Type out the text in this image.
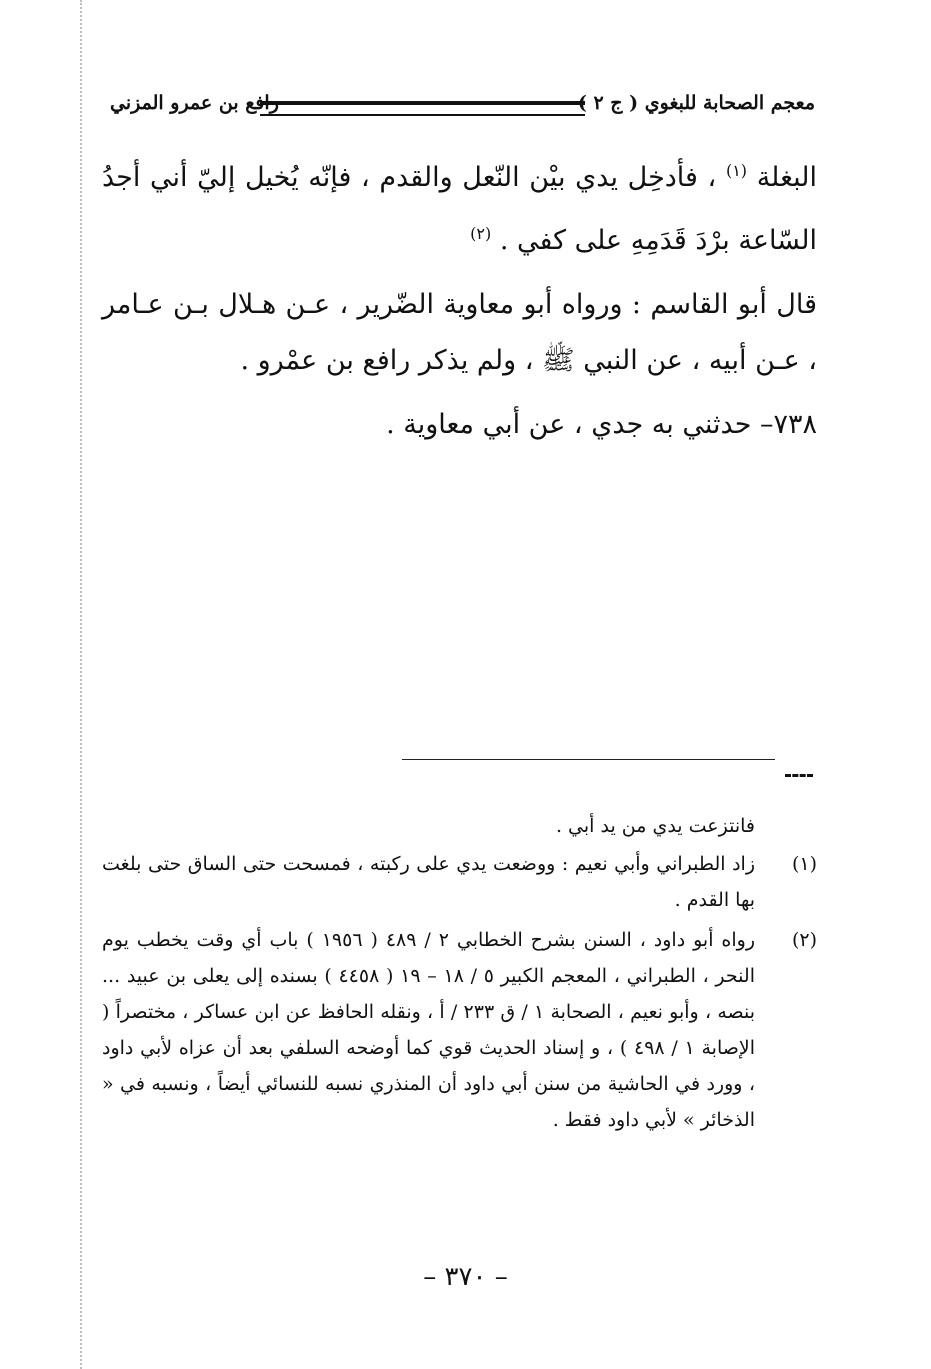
معجم الصحابة للبغوي ( ج ٢ )
رافع بن عمرو المزني

البغلة $^{(١)}$ ، فأدخِل يدي بيْن النّعل والقدم ، فإنّه يُخيل إليّ أني أجدُ السّاعة برْدَ قَدَمِهِ على كفي . $^{(٢)}$

قال أبو القاسم : ورواه أبو معاوية الضّرير ، عـن هـلال بـن عـامر ، عـن أبيه ، عن النبي ﷺ ، ولم يذكر رافع بن عمْرو .

٧٣٨– حدثني به جدي ، عن أبي معاوية .

فانتزعت يدي من يد أبي .

(١)
زاد الطبراني وأبي نعيم : ووضعت يدي على ركبته ، فمسحت حتى الساق حتى بلغت بها القدم .

(٢)
رواه أبو داود ، السنن بشرح الخطابي ٢ / ٤٨٩ ( ١٩٥٦ ) باب أي وقت يخطب يوم النحر ، الطبراني ، المعجم الكبير ٥ / ١٨ – ١٩ ( ٤٤٥٨ ) بسنده إلى يعلى بن عبيد ... بنصه ، وأبو نعيم ، الصحابة ١ / ق ٢٣٣ / أ ، ونقله الحافظ عن ابن عساكر ، مختصراً ( الإصابة ١ / ٤٩٨ ) ، و إسناد الحديث قوي كما أوضحه السلفي بعد أن عزاه لأبي داود ، وورد في الحاشية من سنن أبي داود أن المنذري نسبه للنسائي أيضاً ، ونسبه في « الذخائر » لأبي داود فقط .

– ٣٧٠ –
